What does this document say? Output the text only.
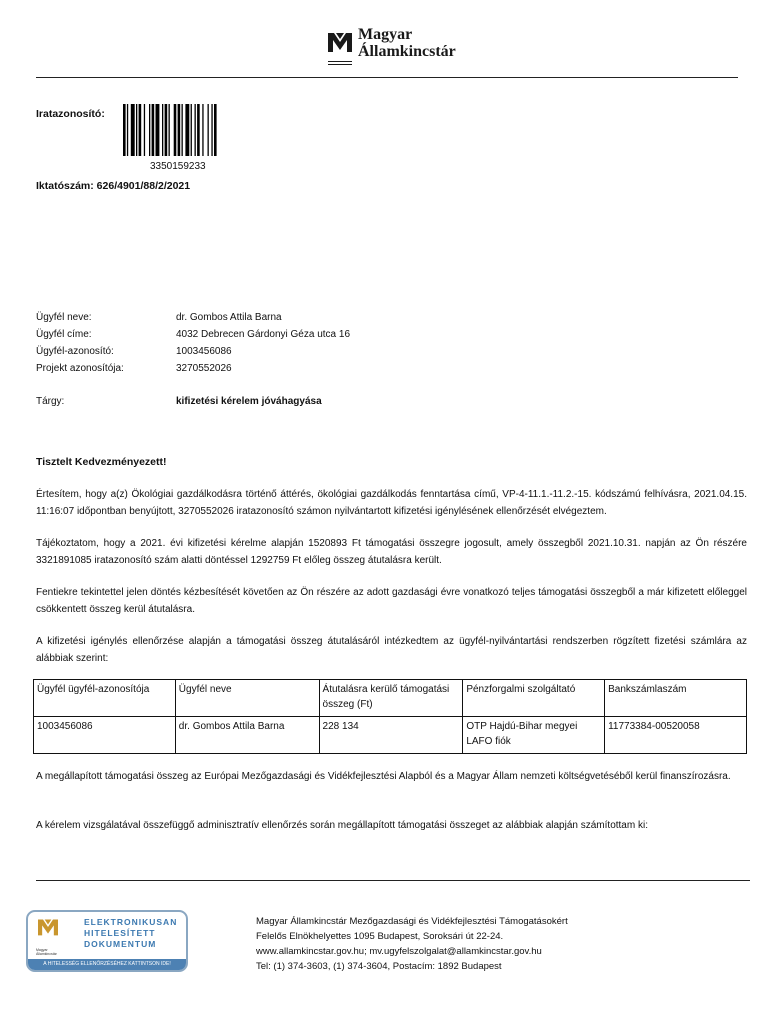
Magyar
Államkincstár
Iratazonosító:
3350159233
Iktatószám: 626/4901/88/2/2021
Ügyfél neve:	dr. Gombos Attila Barna
Ügyfél címe:	4032 Debrecen Gárdonyi Géza utca 16
Ügyfél-azonosító:	1003456086
Projekt azonosítója:	3270552026
Tárgy:	kifizetési kérelem jóváhagyása
Tisztelt Kedvezményezett!
Értesítem, hogy a(z) Ökológiai gazdálkodásra történő áttérés, ökológiai gazdálkodás fenntartása című, VP-4-11.1.-11.2.-15. kódszámú felhívásra, 2021.04.15. 11:16:07 időpontban benyújtott, 3270552026 iratazonosító számon nyilvántartott kifizetési igénylésének ellenőrzését elvégeztem.
Tájékoztatom, hogy a 2021. évi kifizetési kérelme alapján 1520893 Ft támogatási összegre jogosult, amely összegből 2021.10.31. napján az Ön részére 3321891085 iratazonosító szám alatti döntéssel 1292759 Ft előleg összeg átutalásra került.
Fentiekre tekintettel jelen döntés kézbesítését követően az Ön részére az adott gazdasági évre vonatkozó teljes támogatási összegből a már kifizetett előleggel csökkentett összeg kerül átutalásra.
A kifizetési igénylés ellenőrzése alapján a támogatási összeg átutalásáról intézkedtem az ügyfél-nyilvántartási rendszerben rögzített fizetési számlára az alábbiak szerint:
Ügyfél ügyfél-azonosítója	Ügyfél neve	Átutalásra kerülő támogatási összeg (Ft)	Pénzforgalmi szolgáltató	Bankszámlaszám
1003456086	dr. Gombos Attila Barna	228 134	OTP Hajdú-Bihar megyei LAFO fiók	11773384-00520058
A megállapított támogatási összeg az Európai Mezőgazdasági és Vidékfejlesztési Alapból és a Magyar Állam nemzeti költségvetéséből kerül finanszírozásra.
A kérelem vizsgálatával összefüggő adminisztratív ellenőrzés során megállapított támogatási összeget az alábbiak alapján számítottam ki:
Magyar
Államkincstár
ELEKTRONIKUSAN
HITELESÍTETT
DOKUMENTUM
A HITELESSÉG ELLENŐRZÉSÉHEZ KATTINTSON IDE!
Magyar Államkincstár Mezőgazdasági és Vidékfejlesztési Támogatásokért
Felelős Elnökhelyettes 1095 Budapest, Soroksári út 22-24.
www.allamkincstar.gov.hu; mv.ugyfelszolgalat@allamkincstar.gov.hu
Tel: (1) 374-3603, (1) 374-3604, Postacím: 1892 Budapest
